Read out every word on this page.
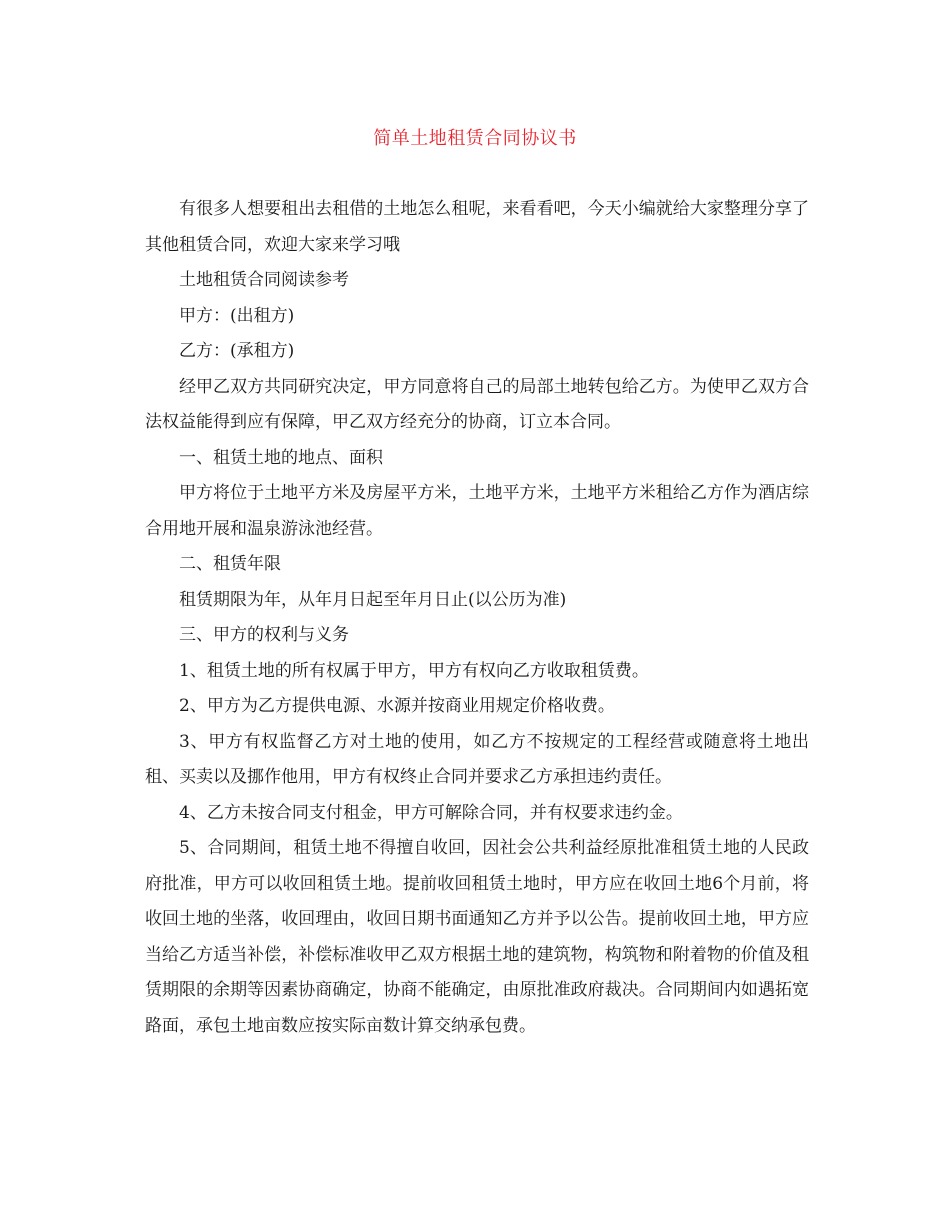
简单土地租赁合同协议书

有很多人想要租出去租借的土地怎么租呢，来看看吧，今天小编就给大家整理分享了其他租赁合同，欢迎大家来学习哦

土地租赁合同阅读参考

甲方：(出租方)

乙方：(承租方)

经甲乙双方共同研究决定，甲方同意将自己的局部土地转包给乙方。为使甲乙双方合法权益能得到应有保障，甲乙双方经充分的协商，订立本合同。

一、租赁土地的地点、面积

甲方将位于土地平方米及房屋平方米，土地平方米，土地平方米租给乙方作为酒店综合用地开展和温泉游泳池经营。

二、租赁年限

租赁期限为年，从年月日起至年月日止(以公历为准)

三、甲方的权利与义务

1、租赁土地的所有权属于甲方，甲方有权向乙方收取租赁费。

2、甲方为乙方提供电源、水源并按商业用规定价格收费。

3、甲方有权监督乙方对土地的使用，如乙方不按规定的工程经营或随意将土地出租、买卖以及挪作他用，甲方有权终止合同并要求乙方承担违约责任。

4、乙方未按合同支付租金，甲方可解除合同，并有权要求违约金。

5、合同期间，租赁土地不得擅自收回，因社会公共利益经原批准租赁土地的人民政府批准，甲方可以收回租赁土地。提前收回租赁土地时，甲方应在收回土地6个月前，将收回土地的坐落，收回理由，收回日期书面通知乙方并予以公告。提前收回土地，甲方应当给乙方适当补偿，补偿标准收甲乙双方根据土地的建筑物，构筑物和附着物的价值及租赁期限的余期等因素协商确定，协商不能确定，由原批准政府裁决。合同期间内如遇拓宽路面，承包土地亩数应按实际亩数计算交纳承包费。
